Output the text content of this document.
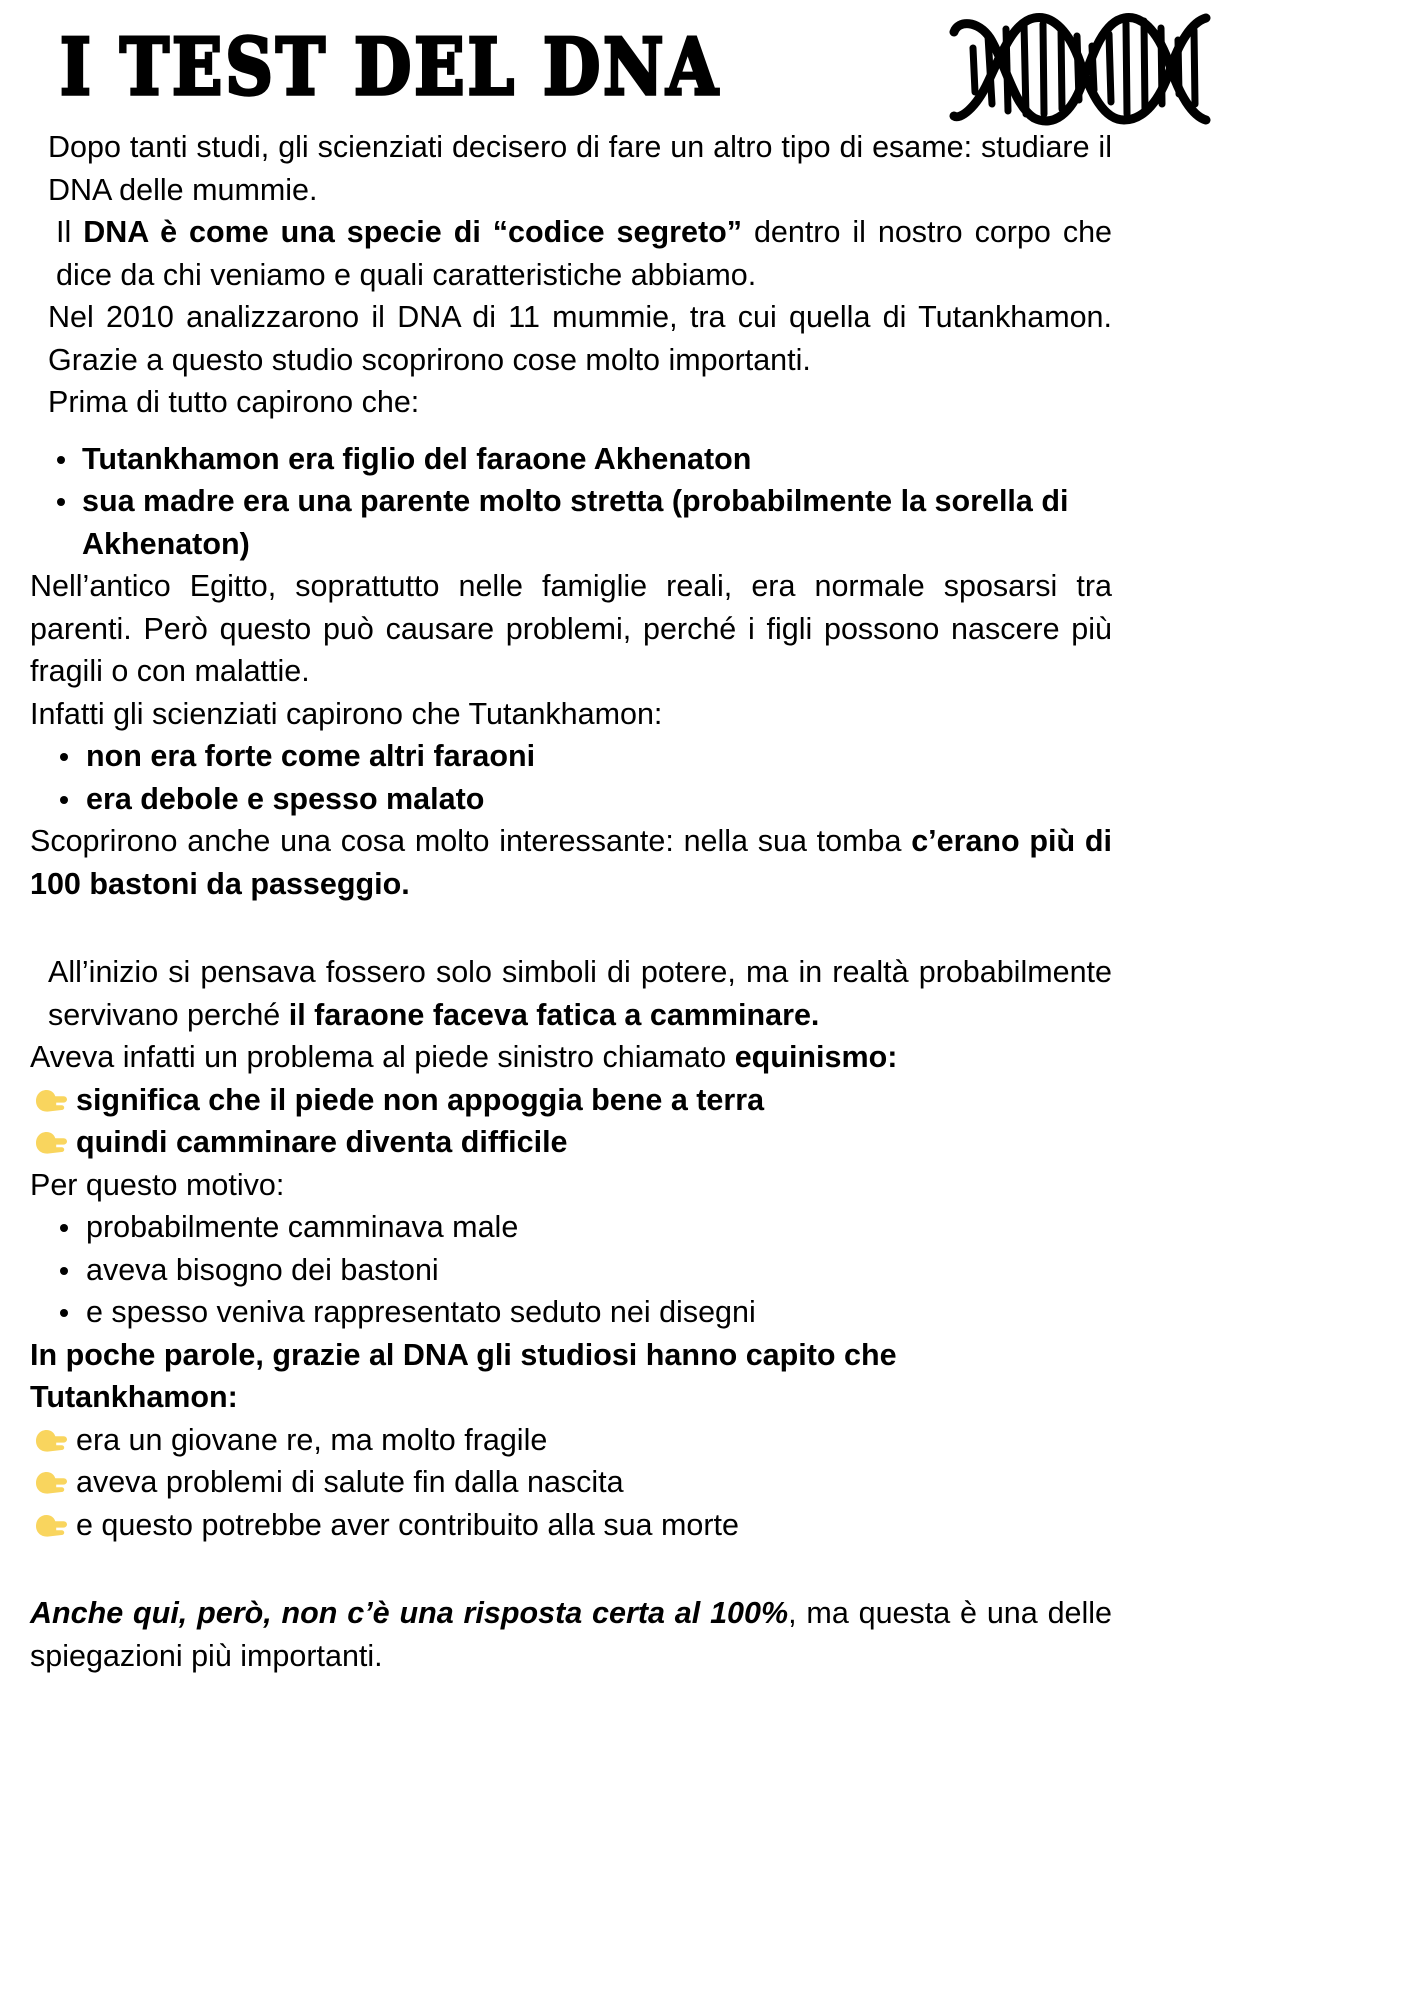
I TEST DEL DNA

Dopo tanti studi, gli scienziati decisero di fare un altro tipo di esame: studiare il DNA delle mummie.

Il DNA è come una specie di “codice segreto” dentro il nostro corpo che dice da chi veniamo e quali caratteristiche abbiamo.

Nel 2010 analizzarono il DNA di 11 mummie, tra cui quella di Tutankhamon. Grazie a questo studio scoprirono cose molto importanti.

Prima di tutto capirono che:

Tutankhamon era figlio del faraone Akhenaton
sua madre era una parente molto stretta (probabilmente la sorella di Akhenaton)

Nell’antico Egitto, soprattutto nelle famiglie reali, era normale sposarsi tra parenti. Però questo può causare problemi, perché i figli possono nascere più fragili o con malattie.

Infatti gli scienziati capirono che Tutankhamon:

non era forte come altri faraoni
era debole e spesso malato

Scoprirono anche una cosa molto interessante: nella sua tomba c’erano più di 100 bastoni da passeggio.

All’inizio si pensava fossero solo simboli di potere, ma in realtà probabilmente servivano perché il faraone faceva fatica a camminare.

Aveva infatti un problema al piede sinistro chiamato equinismo:

significa che il piede non appoggia bene a terra
quindi camminare diventa difficile

Per questo motivo:

probabilmente camminava male
aveva bisogno dei bastoni
e spesso veniva rappresentato seduto nei disegni

In poche parole, grazie al DNA gli studiosi hanno capito che Tutankhamon:

era un giovane re, ma molto fragile
aveva problemi di salute fin dalla nascita
e questo potrebbe aver contribuito alla sua morte

Anche qui, però, non c’è una risposta certa al 100%, ma questa è una delle spiegazioni più importanti.
